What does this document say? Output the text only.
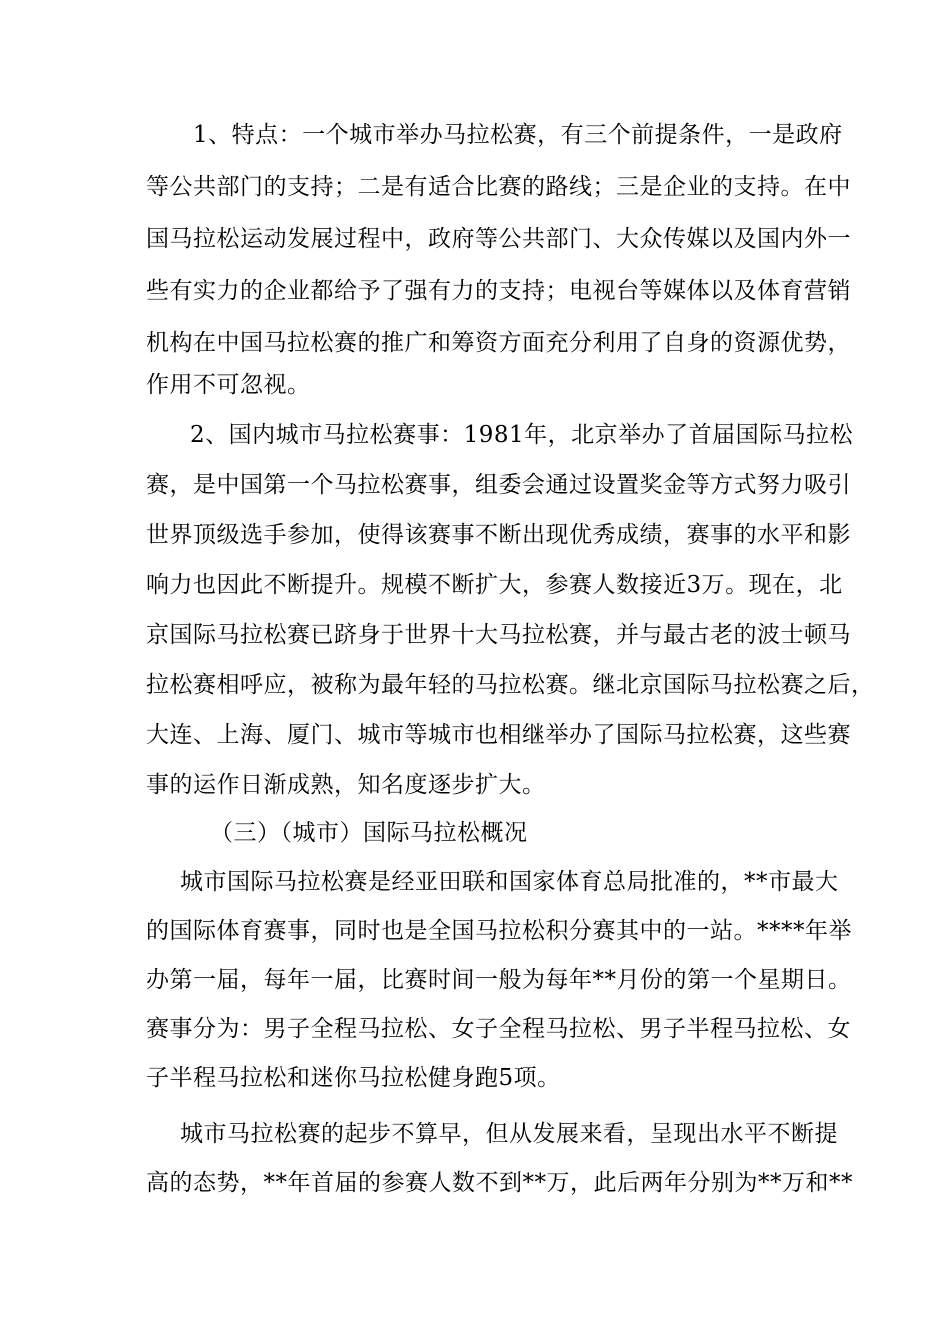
1、特点：一个城市举办马拉松赛，有三个前提条件，一是政府
等公共部门的支持；二是有适合比赛的路线；三是企业的支持。在中
国马拉松运动发展过程中，政府等公共部门、大众传媒以及国内外一
些有实力的企业都给予了强有力的支持；电视台等媒体以及体育营销
机构在中国马拉松赛的推广和筹资方面充分利用了自身的资源优势，
作用不可忽视。
2、国内城市马拉松赛事：1981年，北京举办了首届国际马拉松
赛，是中国第一个马拉松赛事，组委会通过设置奖金等方式努力吸引
世界顶级选手参加，使得该赛事不断出现优秀成绩，赛事的水平和影
响力也因此不断提升。规模不断扩大，参赛人数接近3万。现在，北
京国际马拉松赛已跻身于世界十大马拉松赛，并与最古老的波士顿马
拉松赛相呼应，被称为最年轻的马拉松赛。继北京国际马拉松赛之后，
大连、上海、厦门、城市等城市也相继举办了国际马拉松赛，这些赛
事的运作日渐成熟，知名度逐步扩大。
（三）（城市）国际马拉松概况
城市国际马拉松赛是经亚田联和国家体育总局批准的，**市最大
的国际体育赛事，同时也是全国马拉松积分赛其中的一站。****年举
办第一届，每年一届，比赛时间一般为每年**月份的第一个星期日。
赛事分为：男子全程马拉松、女子全程马拉松、男子半程马拉松、女
子半程马拉松和迷你马拉松健身跑5项。
城市马拉松赛的起步不算早，但从发展来看，呈现出水平不断提
高的态势，**年首届的参赛人数不到**万，此后两年分别为**万和**
